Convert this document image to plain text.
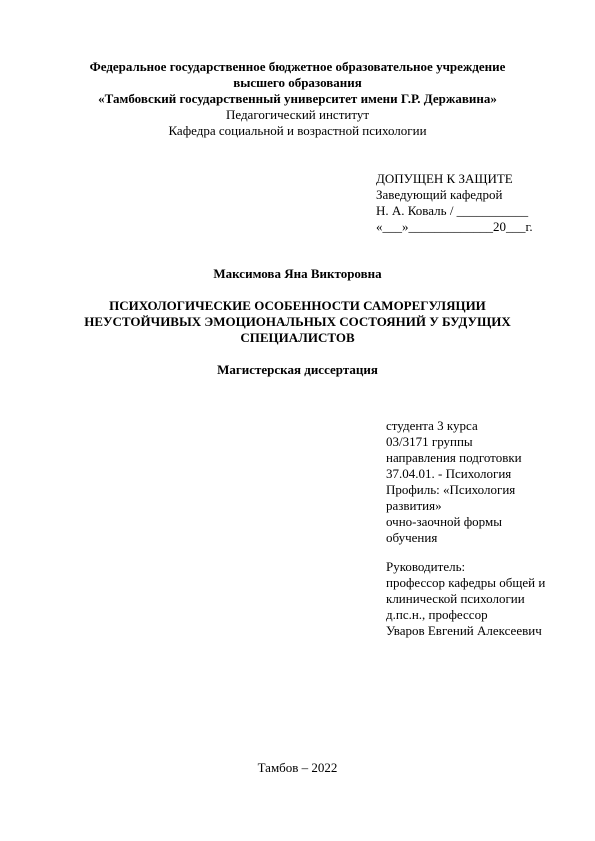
Федеральное государственное бюджетное образовательное учреждение
высшего образования
«Тамбовский государственный университет имени Г.Р. Державина»
Педагогический институт
Кафедра социальной и возрастной психологии
ДОПУЩЕН К ЗАЩИТЕ
Заведующий кафедрой
Н. А. Коваль / ___________
«___»_____________20___г.
Максимова Яна Викторовна
ПСИХОЛОГИЧЕСКИЕ ОСОБЕННОСТИ САМОРЕГУЛЯЦИИ
НЕУСТОЙЧИВЫХ ЭМОЦИОНАЛЬНЫХ СОСТОЯНИЙ У БУДУЩИХ
СПЕЦИАЛИСТОВ
Магистерская диссертация
студента 3 курса
03/3171 группы
направления подготовки
37.04.01. - Психология
Профиль: «Психология
развития»
очно-заочной формы
обучения
Руководитель:
профессор кафедры общей и
клинической психологии
д.пс.н., профессор
Уваров Евгений Алексеевич
Тамбов – 2022
